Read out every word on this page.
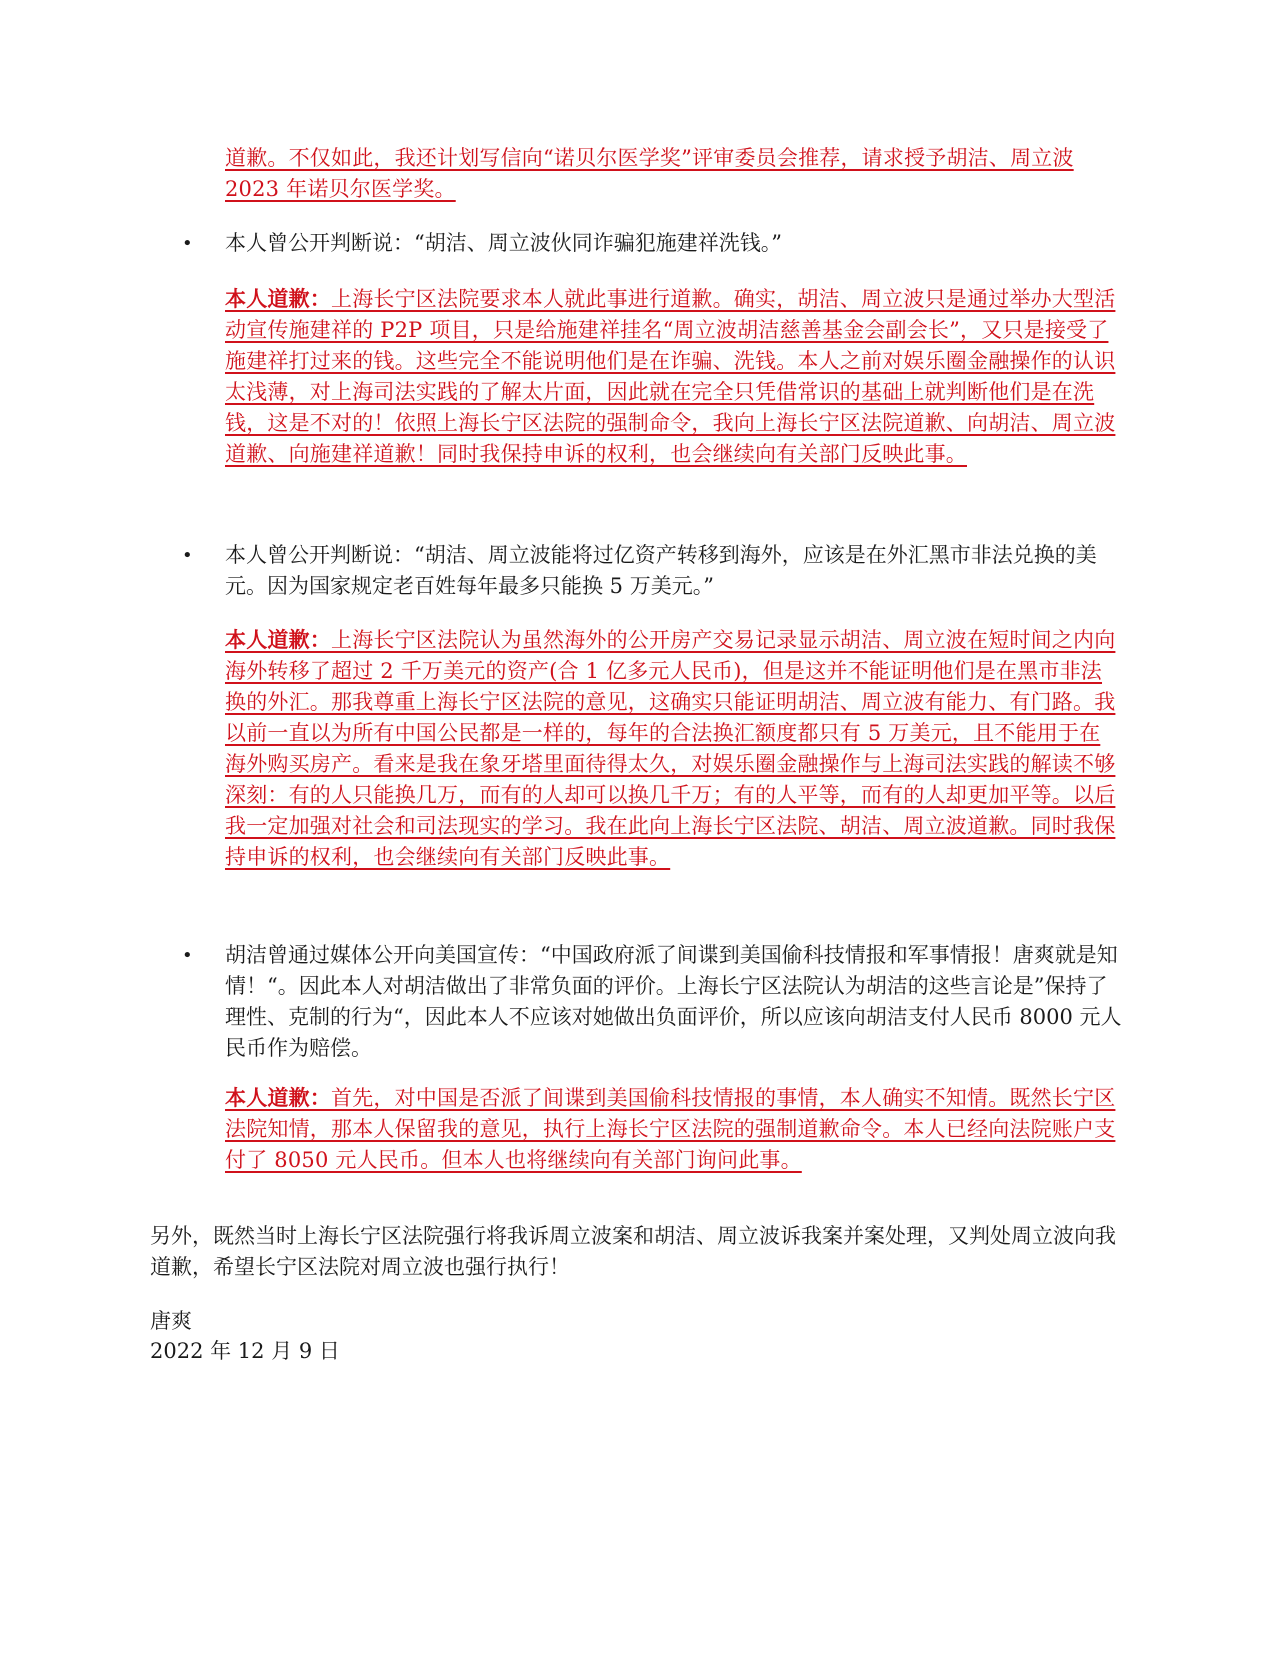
道歉。不仅如此，我还计划写信向“诺贝尔医学奖”评审委员会推荐，请求授予胡洁、周立波 2023 年诺贝尔医学奖。
•	本人曾公开判断说：“胡洁、周立波伙同诈骗犯施建祥洗钱。”
本人道歉：上海长宁区法院要求本人就此事进行道歉。确实，胡洁、周立波只是通过举办大型活动宣传施建祥的 P2P 项目，只是给施建祥挂名“周立波胡洁慈善基金会副会长”，又只是接受了施建祥打过来的钱。这些完全不能说明他们是在诈骗、洗钱。本人之前对娱乐圈金融操作的认识太浅薄，对上海司法实践的了解太片面，因此就在完全只凭借常识的基础上就判断他们是在洗钱，这是不对的！依照上海长宁区法院的强制命令，我向上海长宁区法院道歉、向胡洁、周立波道歉、向施建祥道歉！同时我保持申诉的权利，也会继续向有关部门反映此事。
•	本人曾公开判断说：“胡洁、周立波能将过亿资产转移到海外，应该是在外汇黑市非法兑换的美元。因为国家规定老百姓每年最多只能换 5 万美元。”
本人道歉：上海长宁区法院认为虽然海外的公开房产交易记录显示胡洁、周立波在短时间之内向海外转移了超过 2 千万美元的资产(合 1 亿多元人民币)，但是这并不能证明他们是在黑市非法换的外汇。那我尊重上海长宁区法院的意见，这确实只能证明胡洁、周立波有能力、有门路。我以前一直以为所有中国公民都是一样的，每年的合法换汇额度都只有 5 万美元，且不能用于在海外购买房产。看来是我在象牙塔里面待得太久，对娱乐圈金融操作与上海司法实践的解读不够深刻：有的人只能换几万，而有的人却可以换几千万；有的人平等，而有的人却更加平等。以后我一定加强对社会和司法现实的学习。我在此向上海长宁区法院、胡洁、周立波道歉。同时我保持申诉的权利，也会继续向有关部门反映此事。
•	胡洁曾通过媒体公开向美国宣传：“中国政府派了间谍到美国偷科技情报和军事情报！唐爽就是知情！“。因此本人对胡洁做出了非常负面的评价。上海长宁区法院认为胡洁的这些言论是”保持了理性、克制的行为“，因此本人不应该对她做出负面评价，所以应该向胡洁支付人民币 8000 元人民币作为赔偿。
本人道歉：首先，对中国是否派了间谍到美国偷科技情报的事情，本人确实不知情。既然长宁区法院知情，那本人保留我的意见，执行上海长宁区法院的强制道歉命令。本人已经向法院账户支付了 8050 元人民币。但本人也将继续向有关部门询问此事。
另外，既然当时上海长宁区法院强行将我诉周立波案和胡洁、周立波诉我案并案处理，又判处周立波向我道歉，希望长宁区法院对周立波也强行执行！
唐爽
2022 年 12 月 9 日
